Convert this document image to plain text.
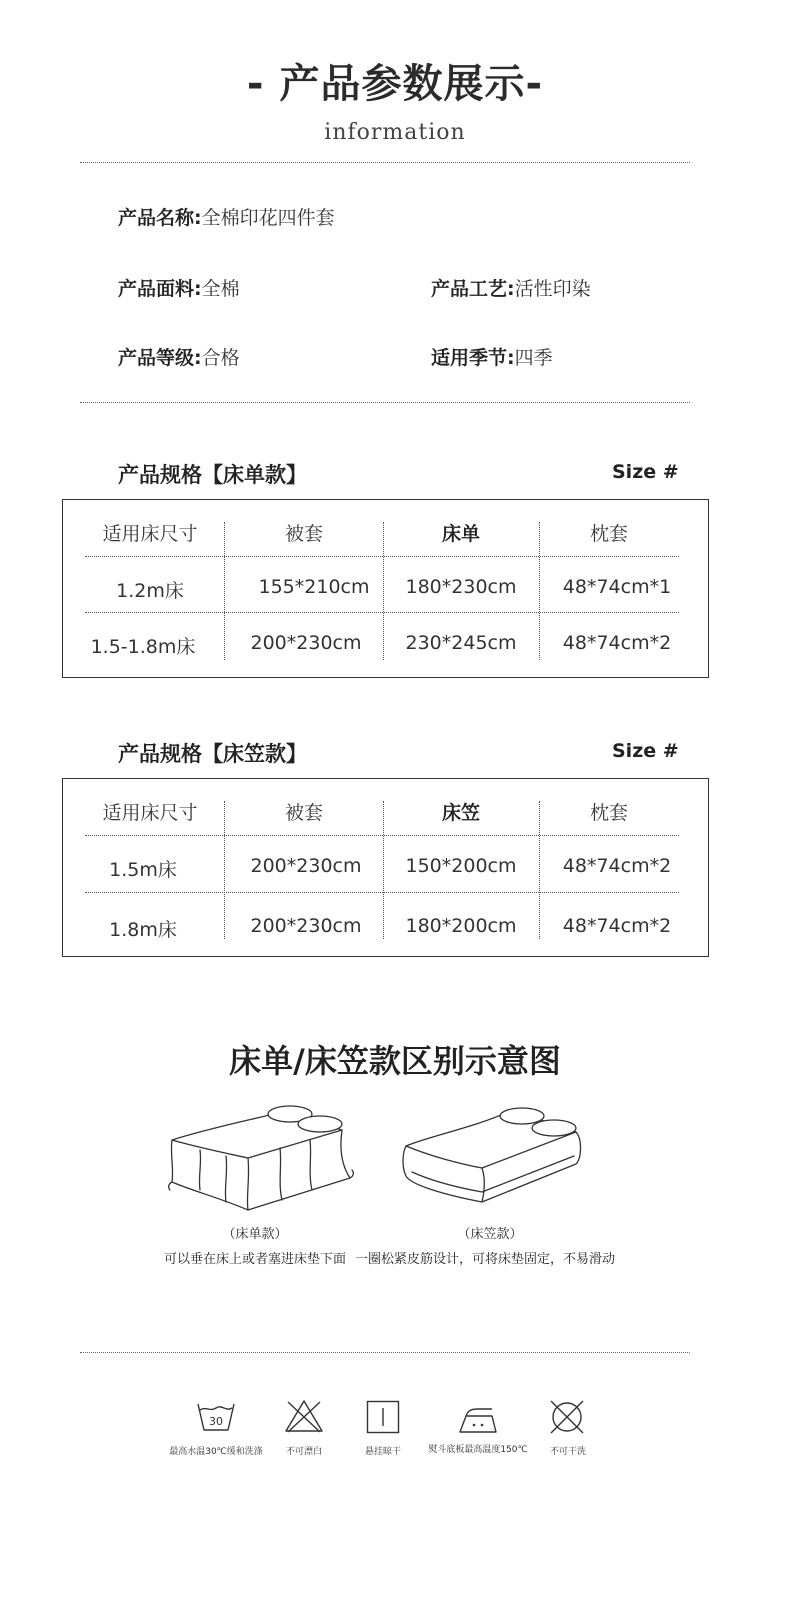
- 产品参数展示-
information
产品名称:全棉印花四件套
产品面料:全棉	产品工艺:活性印染
产品等级:合格	适用季节:四季
产品规格【床单款】	Size #
适用床尺寸	被套	床单	枕套
1.2m床	155*210cm	180*230cm	48*74cm*1
1.5-1.8m床	200*230cm	230*245cm	48*74cm*2
产品规格【床笠款】	Size #
适用床尺寸	被套	床笠	枕套
1.5m床	200*230cm	150*200cm	48*74cm*2
1.8m床	200*230cm	180*200cm	48*74cm*2
床单/床笠款区别示意图
（床单款）
可以垂在床上或者塞进床垫下面
（床笠款）
一圈松紧皮筋设计，可将床垫固定，不易滑动
30
最高水温30℃缓和洗涤	不可漂白	悬挂晾干	熨斗底板最高温度150℃	不可干洗
